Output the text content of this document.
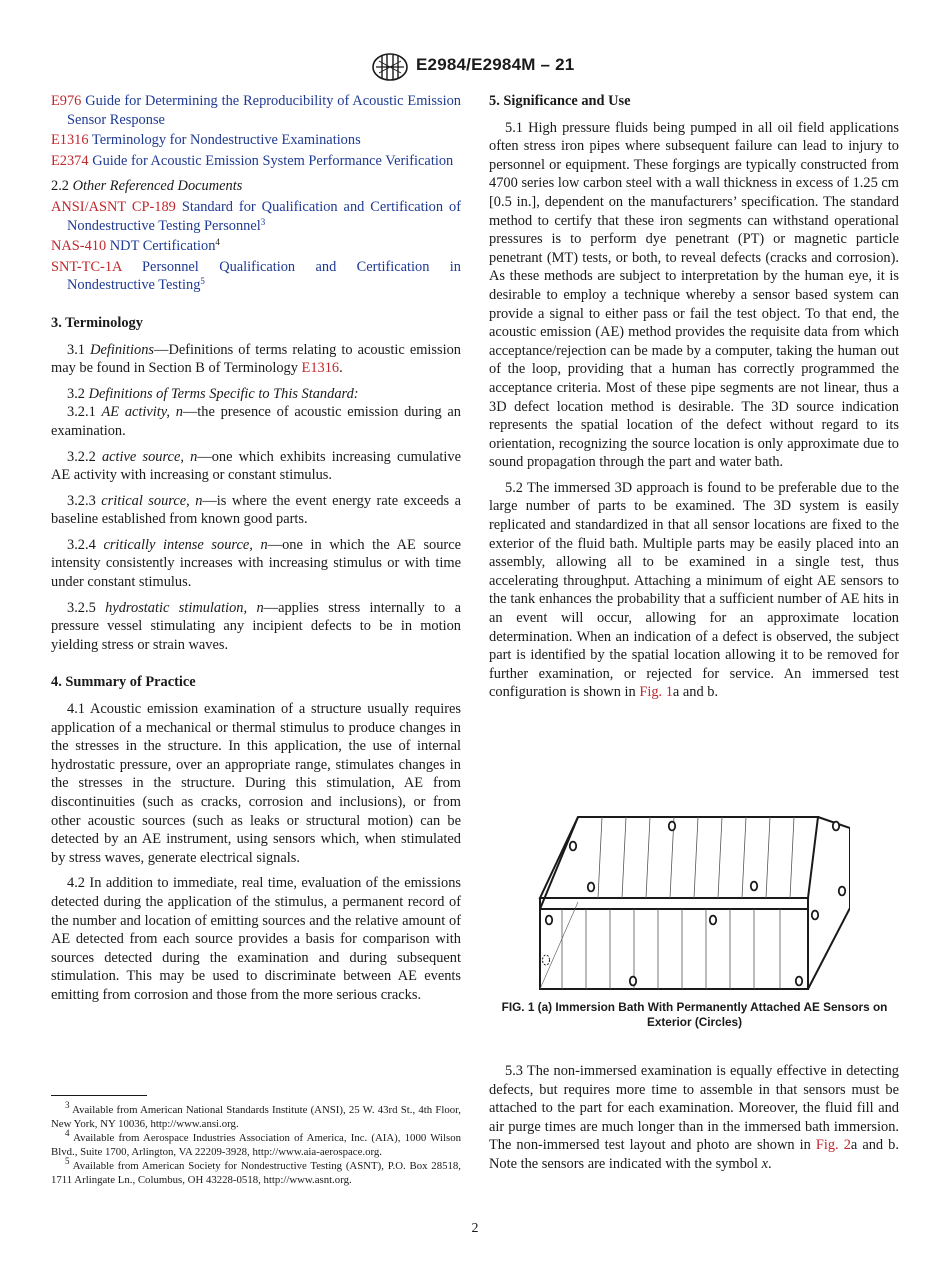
E2984/E2984M – 21

E976 Guide for Determining the Reproducibility of Acoustic Emission Sensor Response

E1316 Terminology for Nondestructive Examinations

E2374 Guide for Acoustic Emission System Performance Verification

2.2 Other Referenced Documents

ANSI/ASNT CP-189 Standard for Qualification and Certification of Nondestructive Testing Personnel$^3$

NAS-410 NDT Certification$^4$

SNT-TC-1A Personnel Qualification and Certification in Nondestructive Testing$^5$

3. Terminology

3.1 Definitions—Definitions of terms relating to acoustic emission may be found in Section B of Terminology E1316.

3.2 Definitions of Terms Specific to This Standard:

3.2.1 AE activity, n—the presence of acoustic emission during an examination.

3.2.2 active source, n—one which exhibits increasing cumulative AE activity with increasing or constant stimulus.

3.2.3 critical source, n—is where the event energy rate exceeds a baseline established from known good parts.

3.2.4 critically intense source, n—one in which the AE source intensity consistently increases with increasing stimulus or with time under constant stimulus.

3.2.5 hydrostatic stimulation, n—applies stress internally to a pressure vessel stimulating any incipient defects to be in motion yielding stress or strain waves.

4. Summary of Practice

4.1 Acoustic emission examination of a structure usually requires application of a mechanical or thermal stimulus to produce changes in the stresses in the structure. In this application, the use of internal hydrostatic pressure, over an appropriate range, stimulates changes in the stresses in the structure. During this stimulation, AE from discontinuities (such as cracks, corrosion and inclusions), or from other acoustic sources (such as leaks or structural motion) can be detected by an AE instrument, using sensors which, when stimulated by stress waves, generate electrical signals.

4.2 In addition to immediate, real time, evaluation of the emissions detected during the application of the stimulus, a permanent record of the number and location of emitting sources and the relative amount of AE detected from each source provides a basis for comparison with sources detected during the examination and during subsequent stimulation. This may be used to discriminate between AE events emitting from corrosion and those from the more serious cracks.

$^3$ Available from American National Standards Institute (ANSI), 25 W. 43rd St., 4th Floor, New York, NY 10036, http://www.ansi.org.

$^4$ Available from Aerospace Industries Association of America, Inc. (AIA), 1000 Wilson Blvd., Suite 1700, Arlington, VA 22209-3928, http://www.aia-aerospace.org.

$^5$ Available from American Society for Nondestructive Testing (ASNT), P.O. Box 28518, 1711 Arlingate Ln., Columbus, OH 43228-0518, http://www.asnt.org.

5. Significance and Use

5.1 High pressure fluids being pumped in all oil field applications often stress iron pipes where subsequent failure can lead to injury to personnel or equipment. These forgings are typically constructed from 4700 series low carbon steel with a wall thickness in excess of 1.25 cm [0.5 in.], dependent on the manufacturers’ specification. The standard method to certify that these iron segments can withstand operational pressures is to perform dye penetrant (PT) or magnetic particle penetrant (MT) tests, or both, to reveal defects (cracks and corrosion). As these methods are subject to interpretation by the human eye, it is desirable to employ a technique whereby a sensor based system can provide a signal to either pass or fail the test object. To that end, the acoustic emission (AE) method provides the requisite data from which acceptance/rejection can be made by a computer, taking the human out of the loop, providing that a human has correctly programmed the acceptance criteria. Most of these pipe segments are not linear, thus a 3D defect location method is desirable. The 3D source indication represents the spatial location of the defect without regard to its orientation, recognizing the source location is only approximate due to sound propagation through the part and water bath.

5.2 The immersed 3D approach is found to be preferable due to the large number of parts to be examined. The 3D system is easily replicated and standardized in that all sensor locations are fixed to the exterior of the fluid bath. Multiple parts may be easily placed into an assembly, allowing all to be examined in a single test, thus accelerating throughput. Attaching a minimum of eight AE sensors to the tank enhances the probability that a sufficient number of AE hits in an event will occur, allowing for an approximate location determination. When an indication of a defect is observed, the subject part is identified by the spatial location allowing it to be removed for further examination, or rejected for service. An immersed test configuration is shown in Fig. 1a and b.

FIG. 1 (a) Immersion Bath With Permanently Attached AE Sensors on Exterior (Circles)

5.3 The non-immersed examination is equally effective in detecting defects, but requires more time to assemble in that sensors must be attached to the part for each examination. Moreover, the fluid fill and air purge times are much longer than in the immersed bath immersion. The non-immersed test layout and photo are shown in Fig. 2a and b. Note the sensors are indicated with the symbol x.

2
